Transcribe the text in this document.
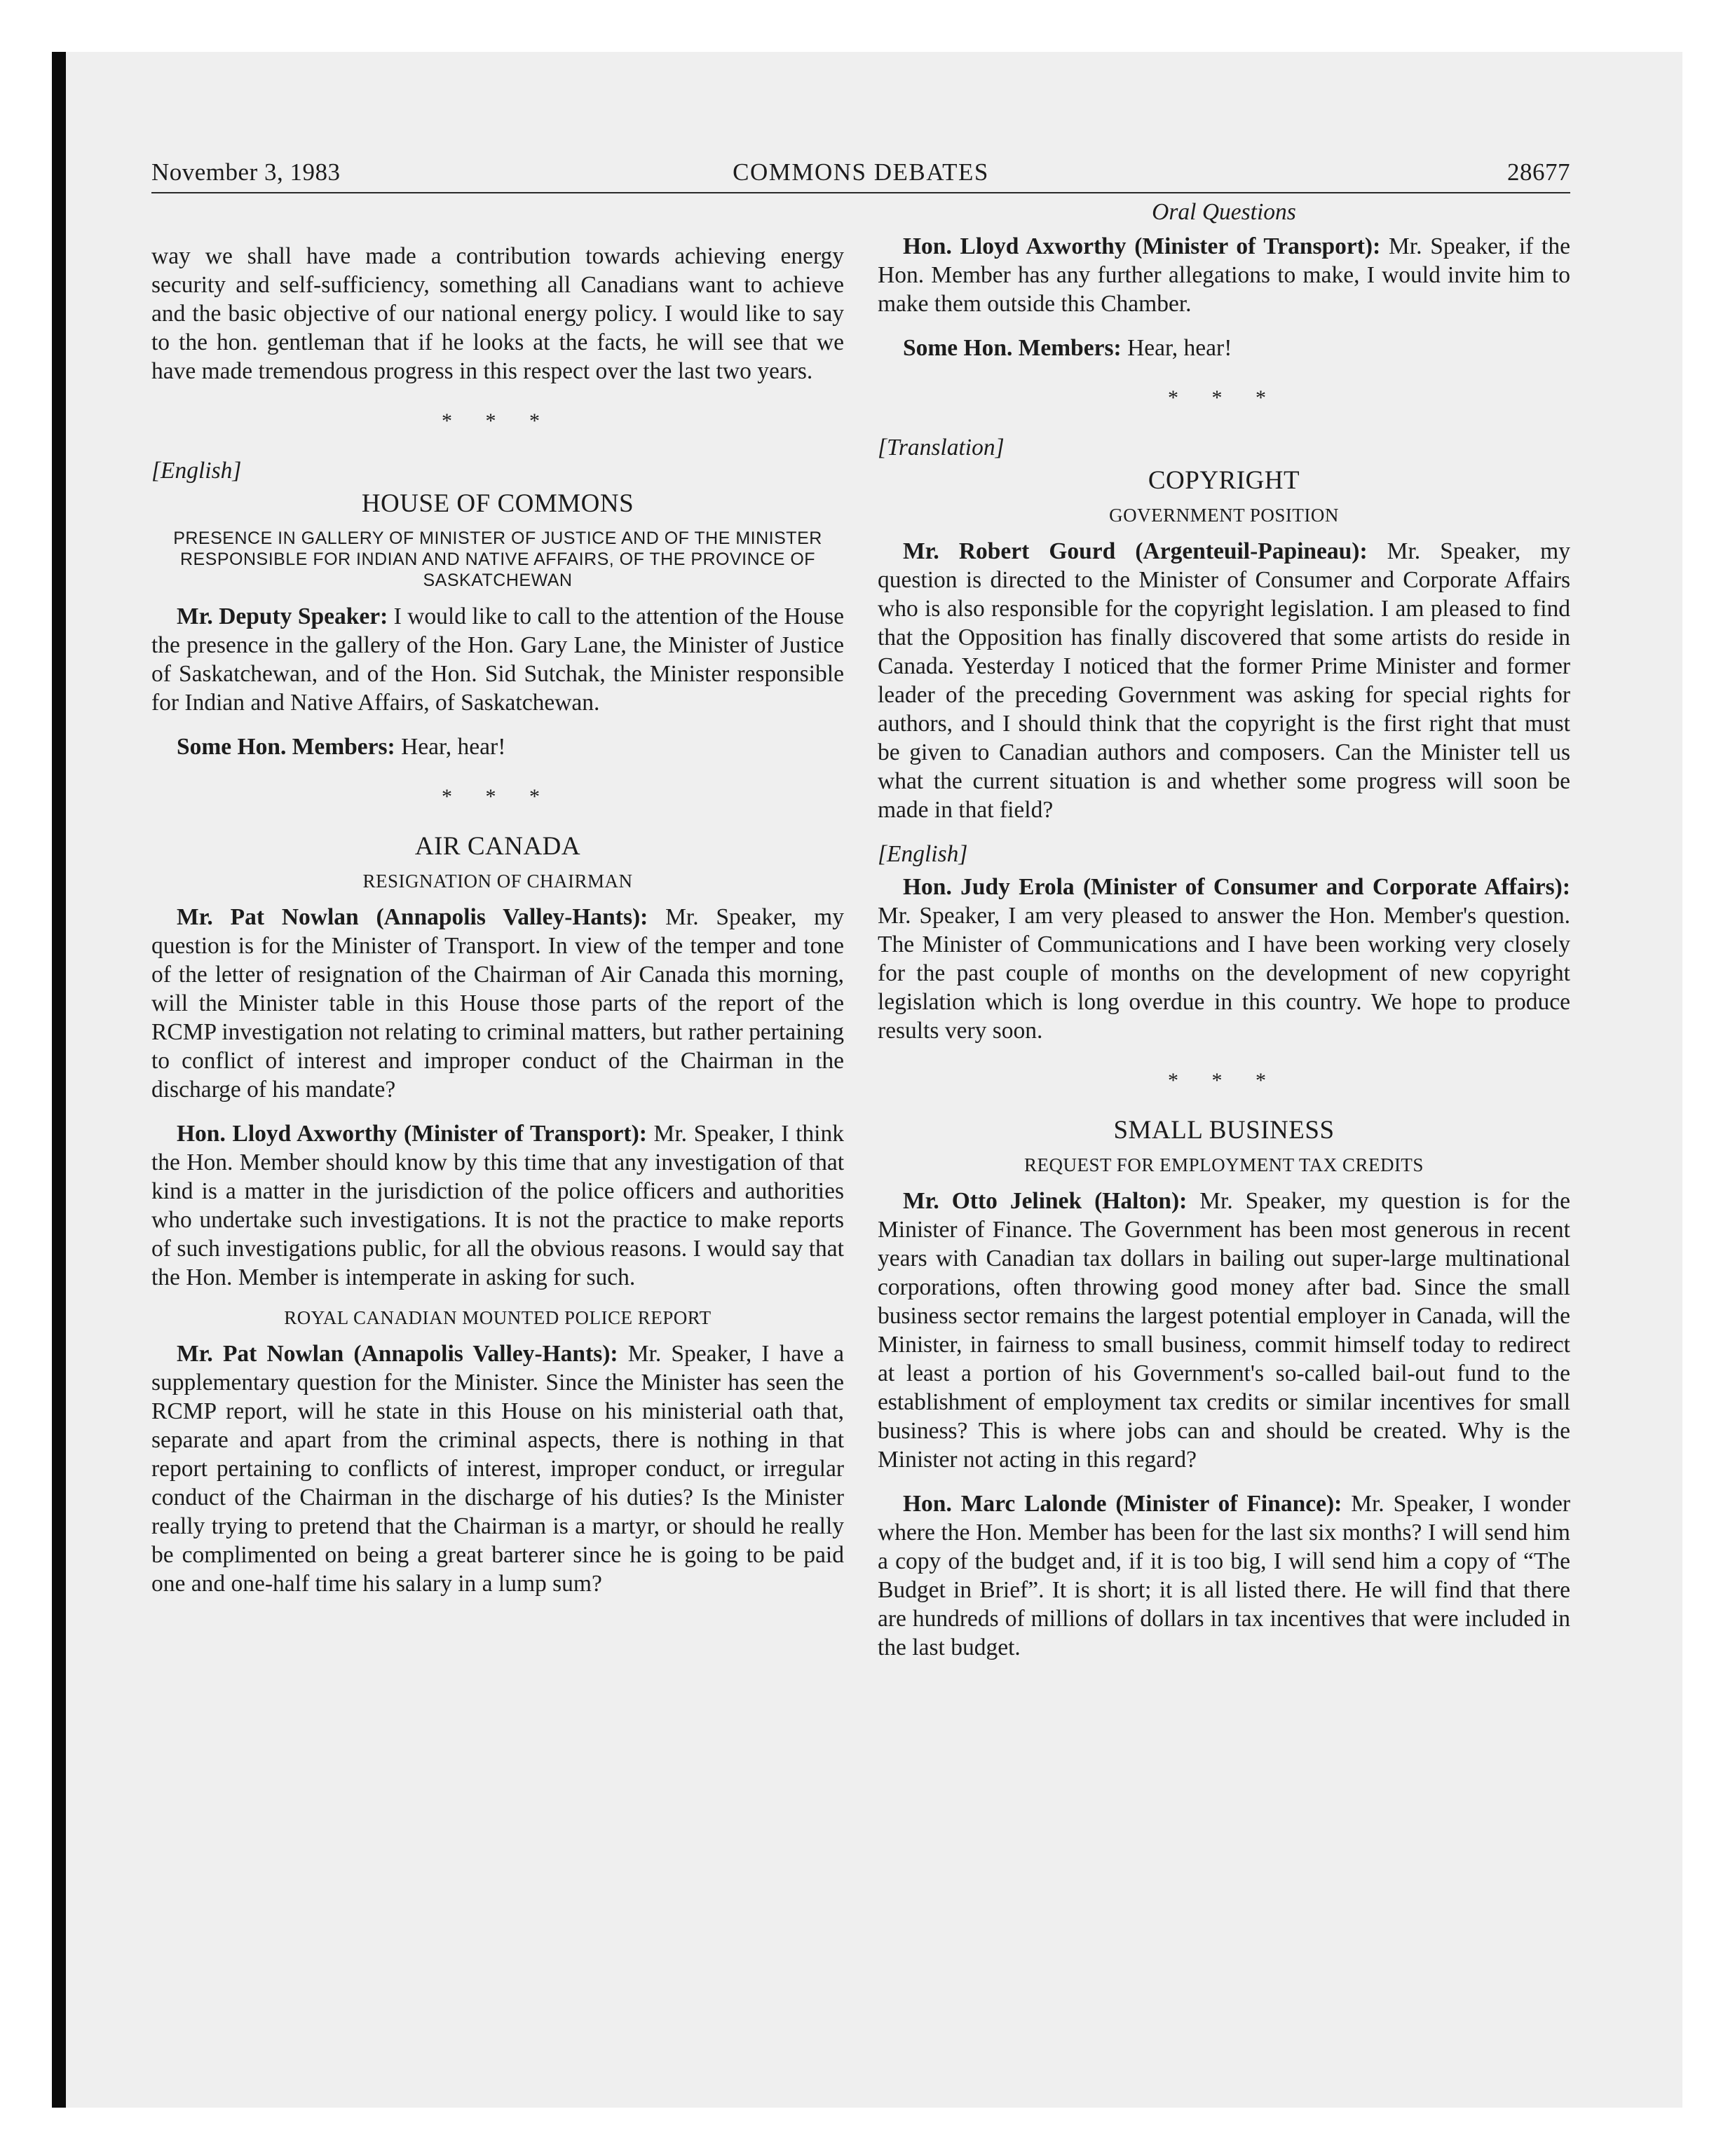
November 3, 1983	COMMONS DEBATES	28677

way we shall have made a contribution towards achieving energy security and self-sufficiency, something all Canadians want to achieve and the basic objective of our national energy policy. I would like to say to the hon. gentleman that if he looks at the facts, he will see that we have made tremendous progress in this respect over the last two years.

* * *
[English]
HOUSE OF COMMONS
PRESENCE IN GALLERY OF MINISTER OF JUSTICE AND OF THE MINISTER RESPONSIBLE FOR INDIAN AND NATIVE AFFAIRS, OF THE PROVINCE OF SASKATCHEWAN

Mr. Deputy Speaker: I would like to call to the attention of the House the presence in the gallery of the Hon. Gary Lane, the Minister of Justice of Saskatchewan, and of the Hon. Sid Sutchak, the Minister responsible for Indian and Native Affairs, of Saskatchewan.

Some Hon. Members: Hear, hear!

* * *
AIR CANADA
RESIGNATION OF CHAIRMAN

Mr. Pat Nowlan (Annapolis Valley-Hants): Mr. Speaker, my question is for the Minister of Transport. In view of the temper and tone of the letter of resignation of the Chairman of Air Canada this morning, will the Minister table in this House those parts of the report of the RCMP investigation not relating to criminal matters, but rather pertaining to conflict of interest and improper conduct of the Chairman in the discharge of his mandate?

Hon. Lloyd Axworthy (Minister of Transport): Mr. Speaker, I think the Hon. Member should know by this time that any investigation of that kind is a matter in the jurisdiction of the police officers and authorities who undertake such investigations. It is not the practice to make reports of such investigations public, for all the obvious reasons. I would say that the Hon. Member is intemperate in asking for such.

ROYAL CANADIAN MOUNTED POLICE REPORT

Mr. Pat Nowlan (Annapolis Valley-Hants): Mr. Speaker, I have a supplementary question for the Minister. Since the Minister has seen the RCMP report, will he state in this House on his ministerial oath that, separate and apart from the criminal aspects, there is nothing in that report pertaining to conflicts of interest, improper conduct, or irregular conduct of the Chairman in the discharge of his duties? Is the Minister really trying to pretend that the Chairman is a martyr, or should he really be complimented on being a great barterer since he is going to be paid one and one-half time his salary in a lump sum?

Oral Questions

Hon. Lloyd Axworthy (Minister of Transport): Mr. Speaker, if the Hon. Member has any further allegations to make, I would invite him to make them outside this Chamber.

Some Hon. Members: Hear, hear!

* * *
[Translation]
COPYRIGHT
GOVERNMENT POSITION

Mr. Robert Gourd (Argenteuil-Papineau): Mr. Speaker, my question is directed to the Minister of Consumer and Corporate Affairs who is also responsible for the copyright legislation. I am pleased to find that the Opposition has finally discovered that some artists do reside in Canada. Yesterday I noticed that the former Prime Minister and former leader of the preceding Government was asking for special rights for authors, and I should think that the copyright is the first right that must be given to Canadian authors and composers. Can the Minister tell us what the current situation is and whether some progress will soon be made in that field?

[English]

Hon. Judy Erola (Minister of Consumer and Corporate Affairs): Mr. Speaker, I am very pleased to answer the Hon. Member's question. The Minister of Communications and I have been working very closely for the past couple of months on the development of new copyright legislation which is long overdue in this country. We hope to produce results very soon.

* * *
SMALL BUSINESS
REQUEST FOR EMPLOYMENT TAX CREDITS

Mr. Otto Jelinek (Halton): Mr. Speaker, my question is for the Minister of Finance. The Government has been most generous in recent years with Canadian tax dollars in bailing out super-large multinational corporations, often throwing good money after bad. Since the small business sector remains the largest potential employer in Canada, will the Minister, in fairness to small business, commit himself today to redirect at least a portion of his Government's so-called bail-out fund to the establishment of employment tax credits or similar incentives for small business? This is where jobs can and should be created. Why is the Minister not acting in this regard?

Hon. Marc Lalonde (Minister of Finance): Mr. Speaker, I wonder where the Hon. Member has been for the last six months? I will send him a copy of the budget and, if it is too big, I will send him a copy of “The Budget in Brief”. It is short; it is all listed there. He will find that there are hundreds of millions of dollars in tax incentives that were included in the last budget.
